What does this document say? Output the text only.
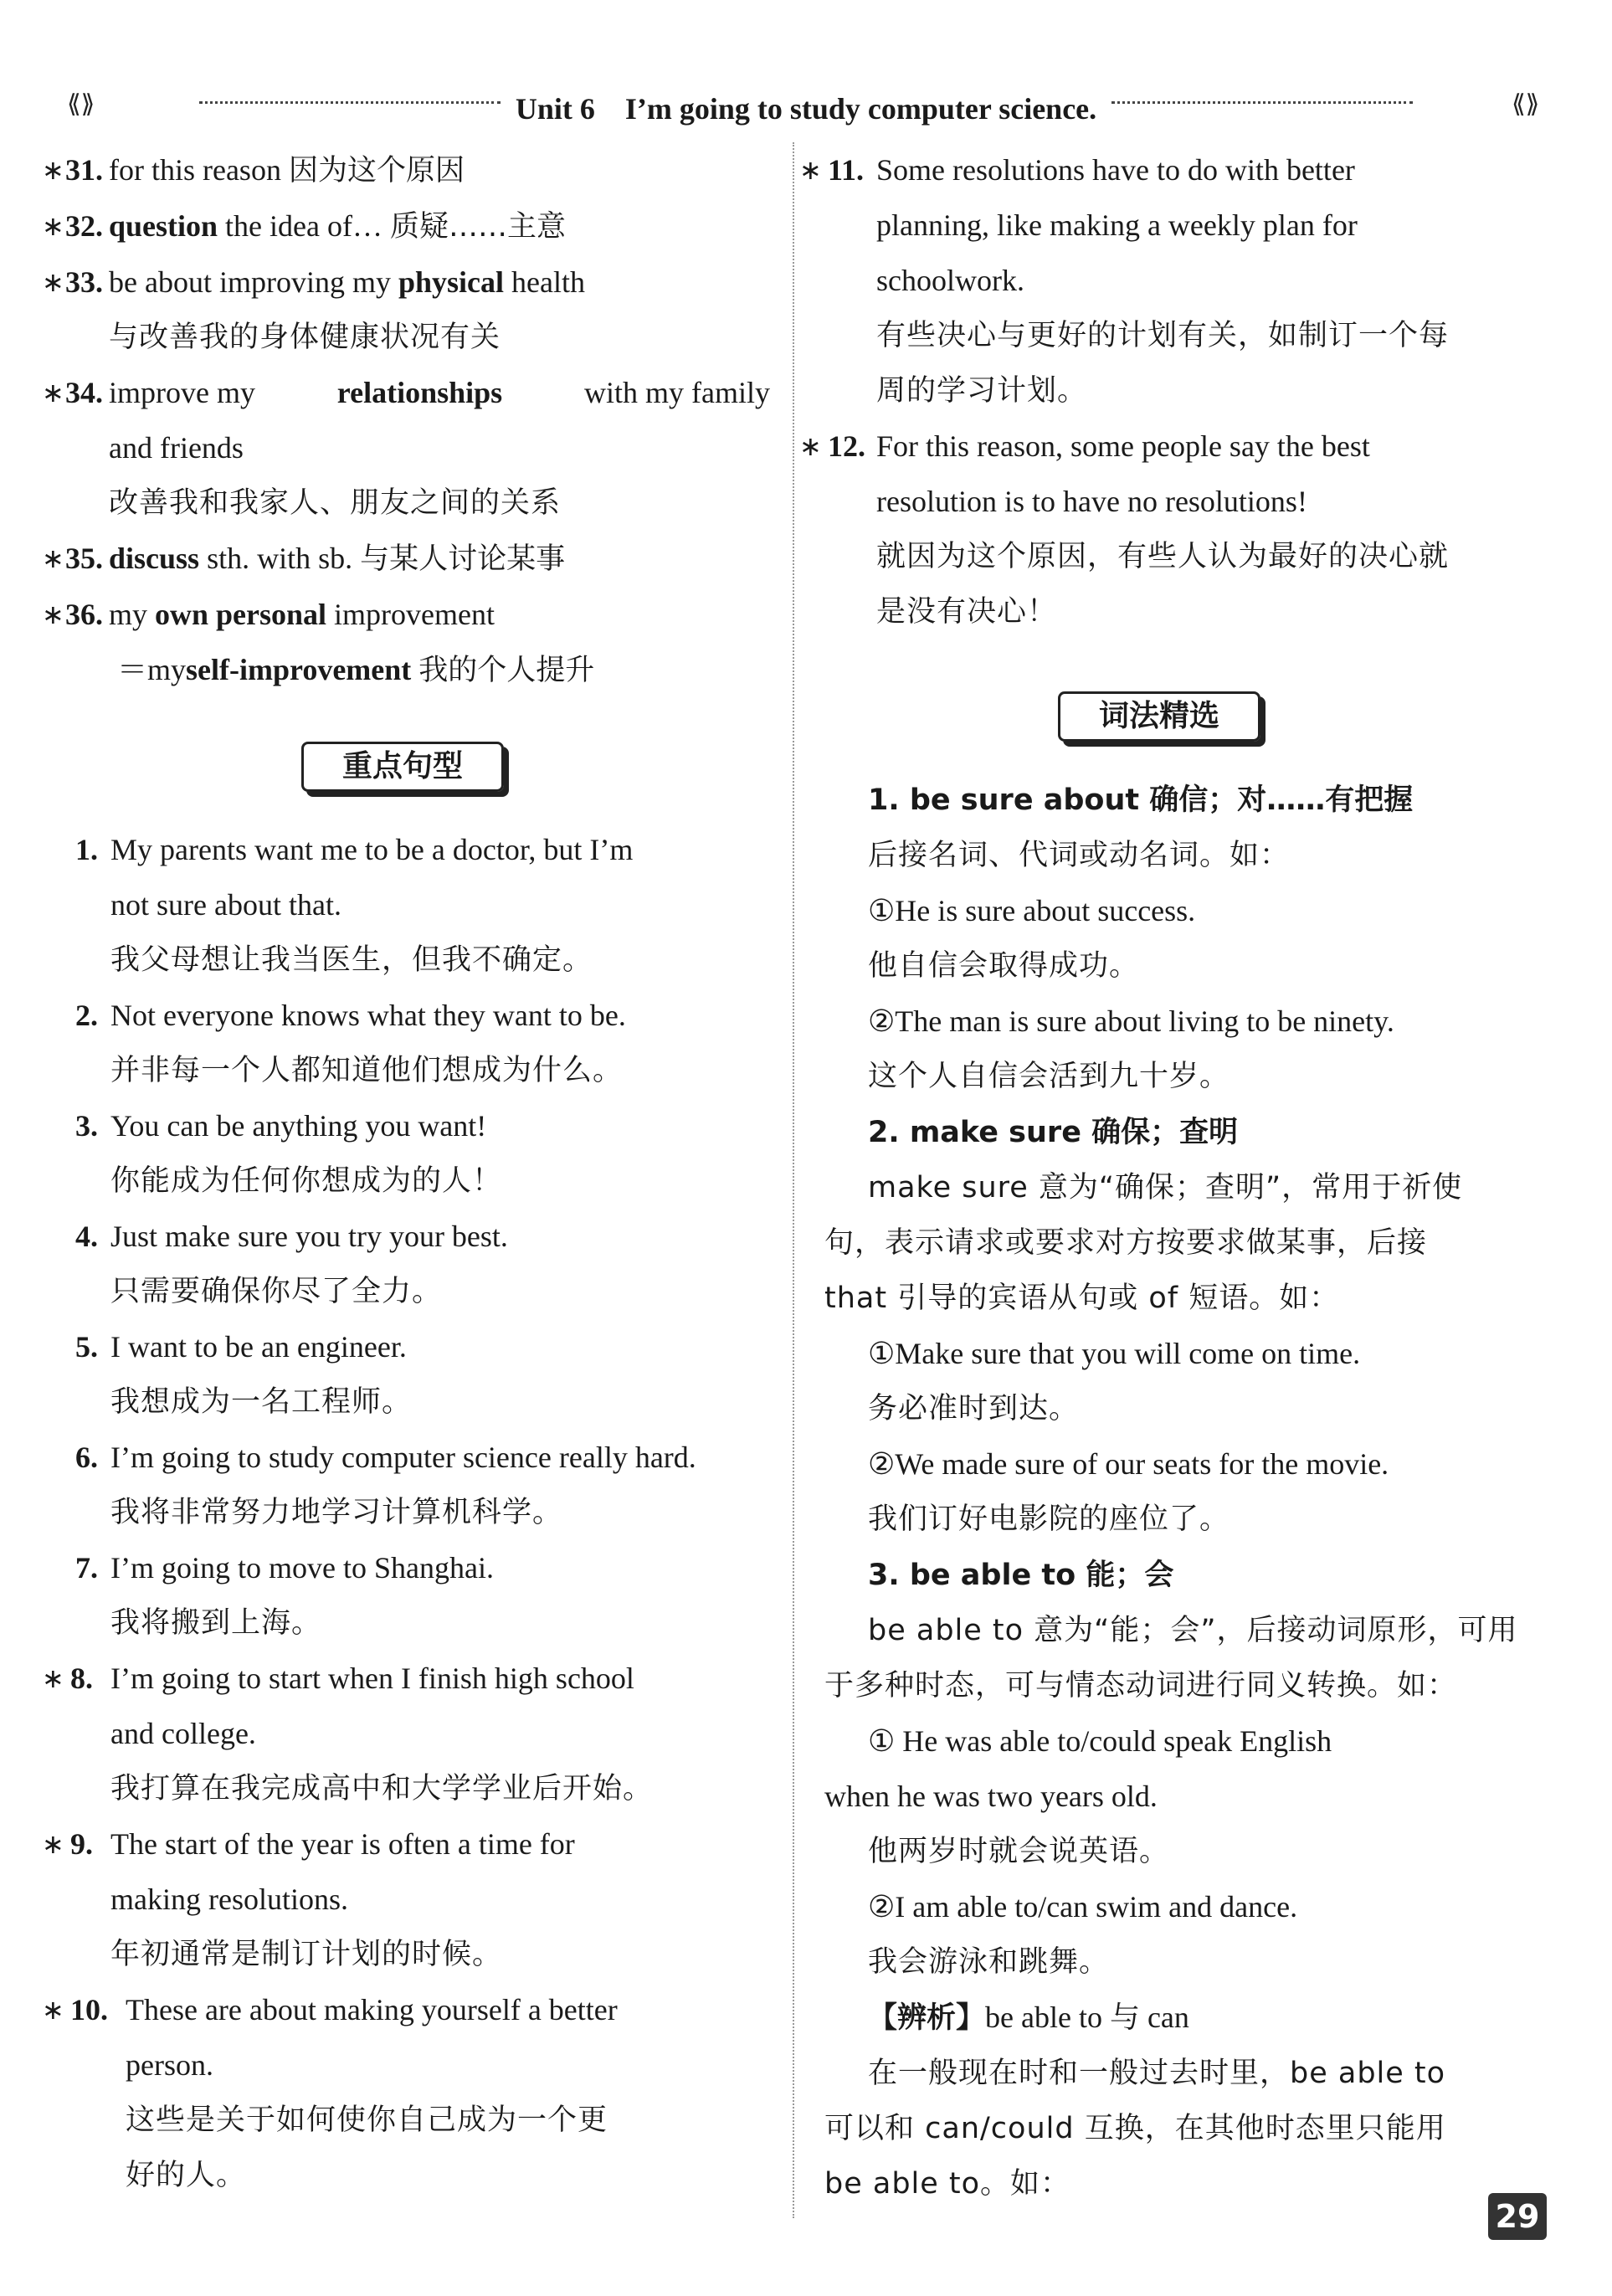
⟪⟫	Unit 6 I’m going to study computer science.	⟪⟫
∗ 31. for this reason 因为这个原因
∗ 32. question the idea of… 质疑……主意
∗ 33. be about improving my physical health
与改善我的身体健康状况有关
∗ 34. improve my	relationships	with my family
and friends
改善我和我家人、朋友之间的关系
∗ 35. discuss sth. with sb. 与某人讨论某事
∗ 36. my own personal improvement
＝myself-improvement 我的个人提升
重点句型
1. My parents want me to be a doctor, but I’m
not sure about that.
我父母想让我当医生，但我不确定。
2. Not everyone knows what they want to be.
并非每一个人都知道他们想成为什么。
3. You can be anything you want!
你能成为任何你想成为的人！
4. Just make sure you try your best.
只需要确保你尽了全力。
5. I want to be an engineer.
我想成为一名工程师。
6. I’m going to study computer science really hard.
我将非常努力地学习计算机科学。
7. I’m going to move to Shanghai.
我将搬到上海。
∗ 8. I’m going to start when I finish high school
and college.
我打算在我完成高中和大学学业后开始。
∗ 9. The start of the year is often a time for
making resolutions.
年初通常是制订计划的时候。
∗ 10. These are about making yourself a better
person.
这些是关于如何使你自己成为一个更
好的人。
∗ 11. Some resolutions have to do with better
planning, like making a weekly plan for
schoolwork.
有些决心与更好的计划有关，如制订一个每
周的学习计划。
∗ 12. For this reason, some people say the best
resolution is to have no resolutions!
就因为这个原因，有些人认为最好的决心就
是没有决心！
词法精选
1. be sure about 确信；对……有把握
后接名词、代词或动名词。如：
①He is sure about success.
他自信会取得成功。
②The man is sure about living to be ninety.
这个人自信会活到九十岁。
2. make sure 确保；查明
make sure 意为“确保；查明”，常用于祈使
句，表示请求或要求对方按要求做某事，后接
that 引导的宾语从句或 of 短语。如：
①Make sure that you will come on time.
务必准时到达。
②We made sure of our seats for the movie.
我们订好电影院的座位了。
3. be able to 能；会
be able to 意为“能；会”，后接动词原形，可用
于多种时态，可与情态动词进行同义转换。如：
① He was able to/could speak English
when he was two years old.
他两岁时就会说英语。
②I am able to/can swim and dance.
我会游泳和跳舞。
【辨析】be able to 与 can
在一般现在时和一般过去时里，be able to
可以和 can/could 互换，在其他时态里只能用
be able to。如：
29
